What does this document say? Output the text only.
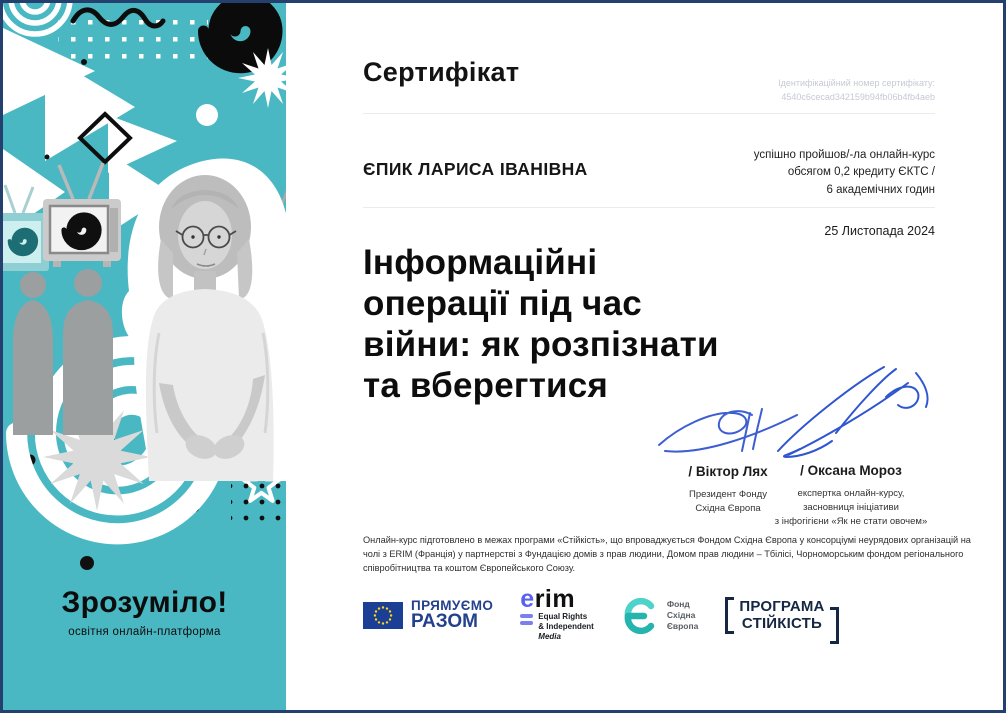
Зрозуміло!
освітня онлайн-платформа
Сертифікат	Ідентифікаційний номер сертифікату:
4540c6cecad342159b94fb06b4fb4aeb
ЄПИК ЛАРИСА ІВАНІВНА
успішно пройшов/-ла онлайн-курс
обсягом 0,2 кредиту ЄКТС /
6 академічних годин
25 Листопада 2024
Інформаційні
операції під час
війни: як розпізнати
та вберегтися
/ Віктор Лях
Президент Фонду
Східна Європа
/ Оксана Мороз
експертка онлайн-курсу,
засновниця ініціативи
з інфогігієни «Як не стати овочем»
Онлайн-курс підготовлено в межах програми «Стійкість», що впроваджується Фондом Східна Європа у консорціумі неурядових організацій на чолі з ERIM (Франція) у партнерстві з Фундацією домів з прав людини, Домом прав людини – Тбілісі, Чорноморським фондом регіонального співробітництва та коштом Європейського Союзу.
ПРЯМУЄМО
РАЗОМ
erim
Equal Rights
& Independent
Media
Фонд
Східна
Європа
ПРОГРАМА
СТІЙКІСТЬ
